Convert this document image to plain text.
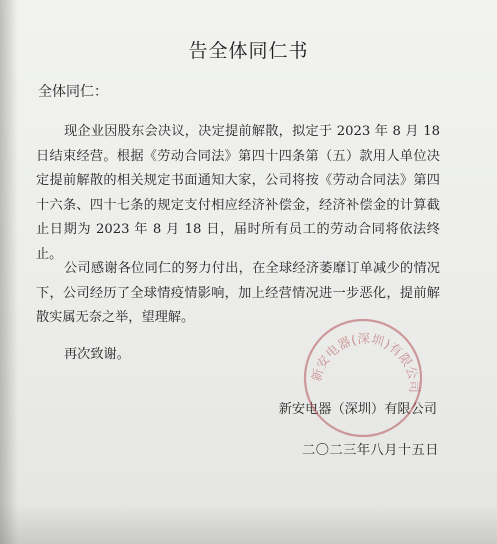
告全体同仁书
全体同仁：

现企业因股东会决议，决定提前解散，拟定于 2023 年 8 月 18 日结束经营。根据《劳动合同法》第四十四条第（五）款用人单位决定提前解散的相关规定书面通知大家，公司将按《劳动合同法》第四十六条、四十七条的规定支付相应经济补偿金，经济补偿金的计算截止日期为 2023 年 8 月 18 日，届时所有员工的劳动合同将依法终止。

公司感谢各位同仁的努力付出，在全球经济萎靡订单减少的情况下，公司经历了全球情疫情影响，加上经营情况进一步恶化，提前解散实属无奈之举，望理解。

再次致谢。
新安电器（深圳）有限公司
二〇二三年八月十五日
新安电器(深圳)有限公司
